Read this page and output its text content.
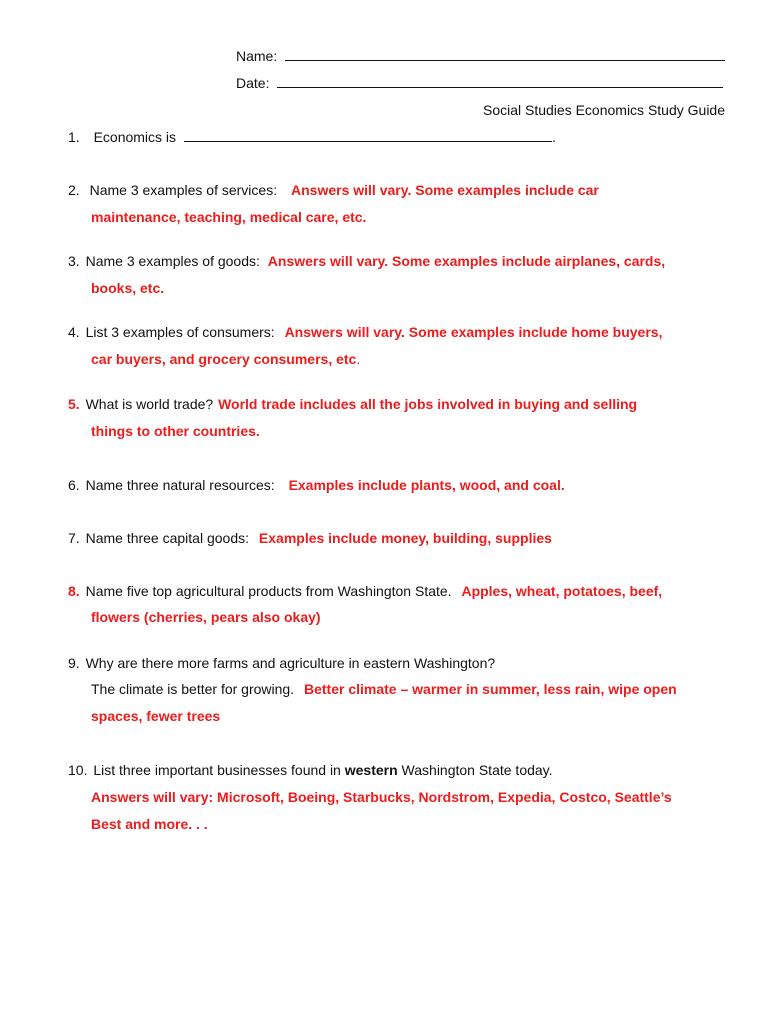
Name:
Date:
Social Studies Economics Study Guide
1. Economics is	.
2. Name 3 examples of services: Answers will vary. Some examples include car
maintenance, teaching, medical care, etc.
3. Name 3 examples of goods: Answers will vary. Some examples include airplanes, cards,
books, etc.
4. List 3 examples of consumers: Answers will vary. Some examples include home buyers,
car buyers, and grocery consumers, etc.
5. What is world trade? World trade includes all the jobs involved in buying and selling
things to other countries.
6. Name three natural resources: Examples include plants, wood, and coal.
7. Name three capital goods: Examples include money, building, supplies
8. Name five top agricultural products from Washington State. Apples, wheat, potatoes, beef,
flowers (cherries, pears also okay)
9. Why are there more farms and agriculture in eastern Washington?
The climate is better for growing. Better climate – warmer in summer, less rain, wipe open
spaces, fewer trees
10. List three important businesses found in western Washington State today.
Answers will vary: Microsoft, Boeing, Starbucks, Nordstrom, Expedia, Costco, Seattle’s
Best and more. . .
